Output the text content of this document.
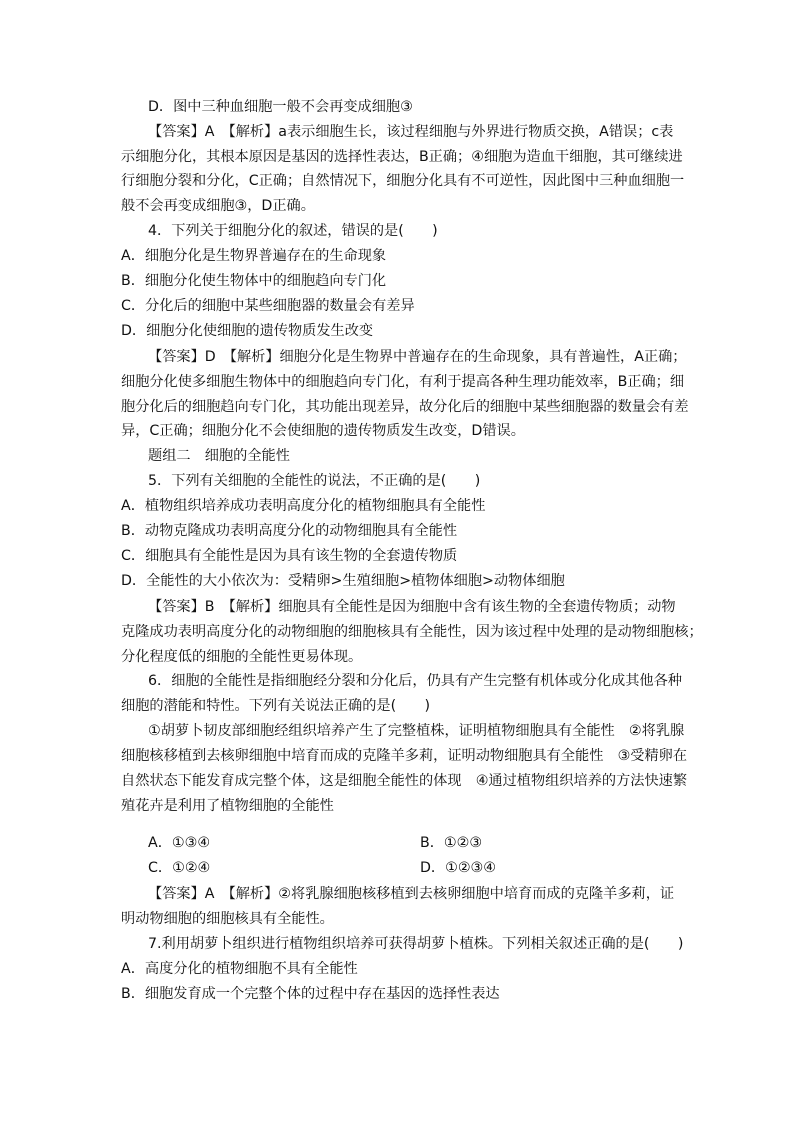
D．图中三种血细胞一般不会再变成细胞③
【答案】A　【解析】a表示细胞生长，该过程细胞与外界进行物质交换，A错误；c表
示细胞分化，其根本原因是基因的选择性表达，B正确；④细胞为造血干细胞，其可继续进
行细胞分裂和分化，C正确；自然情况下，细胞分化具有不可逆性，因此图中三种血细胞一
般不会再变成细胞③，D正确。
4．下列关于细胞分化的叙述，错误的是(　　)
A．细胞分化是生物界普遍存在的生命现象
B．细胞分化使生物体中的细胞趋向专门化
C．分化后的细胞中某些细胞器的数量会有差异
D．细胞分化使细胞的遗传物质发生改变
【答案】D　【解析】细胞分化是生物界中普遍存在的生命现象，具有普遍性，A正确；
细胞分化使多细胞生物体中的细胞趋向专门化，有利于提高各种生理功能效率，B正确；细
胞分化后的细胞趋向专门化，其功能出现差异，故分化后的细胞中某些细胞器的数量会有差
异，C正确；细胞分化不会使细胞的遗传物质发生改变，D错误。
题组二　细胞的全能性
5．下列有关细胞的全能性的说法，不正确的是(　　)
A．植物组织培养成功表明高度分化的植物细胞具有全能性
B．动物克隆成功表明高度分化的动物细胞具有全能性
C．细胞具有全能性是因为具有该生物的全套遗传物质
D．全能性的大小依次为：受精卵>生殖细胞>植物体细胞>动物体细胞
【答案】B　【解析】细胞具有全能性是因为细胞中含有该生物的全套遗传物质；动物
克隆成功表明高度分化的动物细胞的细胞核具有全能性，因为该过程中处理的是动物细胞核；
分化程度低的细胞的全能性更易体现。
6．细胞的全能性是指细胞经分裂和分化后，仍具有产生完整有机体或分化成其他各种
细胞的潜能和特性。下列有关说法正确的是(　　)
①胡萝卜韧皮部细胞经组织培养产生了完整植株，证明植物细胞具有全能性　②将乳腺
细胞核移植到去核卵细胞中培育而成的克隆羊多莉，证明动物细胞具有全能性　③受精卵在
自然状态下能发育成完整个体，这是细胞全能性的体现　④通过植物组织培养的方法快速繁
殖花卉是利用了植物细胞的全能性
A．①③④	B．①②③
C．①②④	D．①②③④
【答案】A　【解析】②将乳腺细胞核移植到去核卵细胞中培育而成的克隆羊多莉，证
明动物细胞的细胞核具有全能性。
7.利用胡萝卜组织进行植物组织培养可获得胡萝卜植株。下列相关叙述正确的是(　　)
A．高度分化的植物细胞不具有全能性
B．细胞发育成一个完整个体的过程中存在基因的选择性表达
